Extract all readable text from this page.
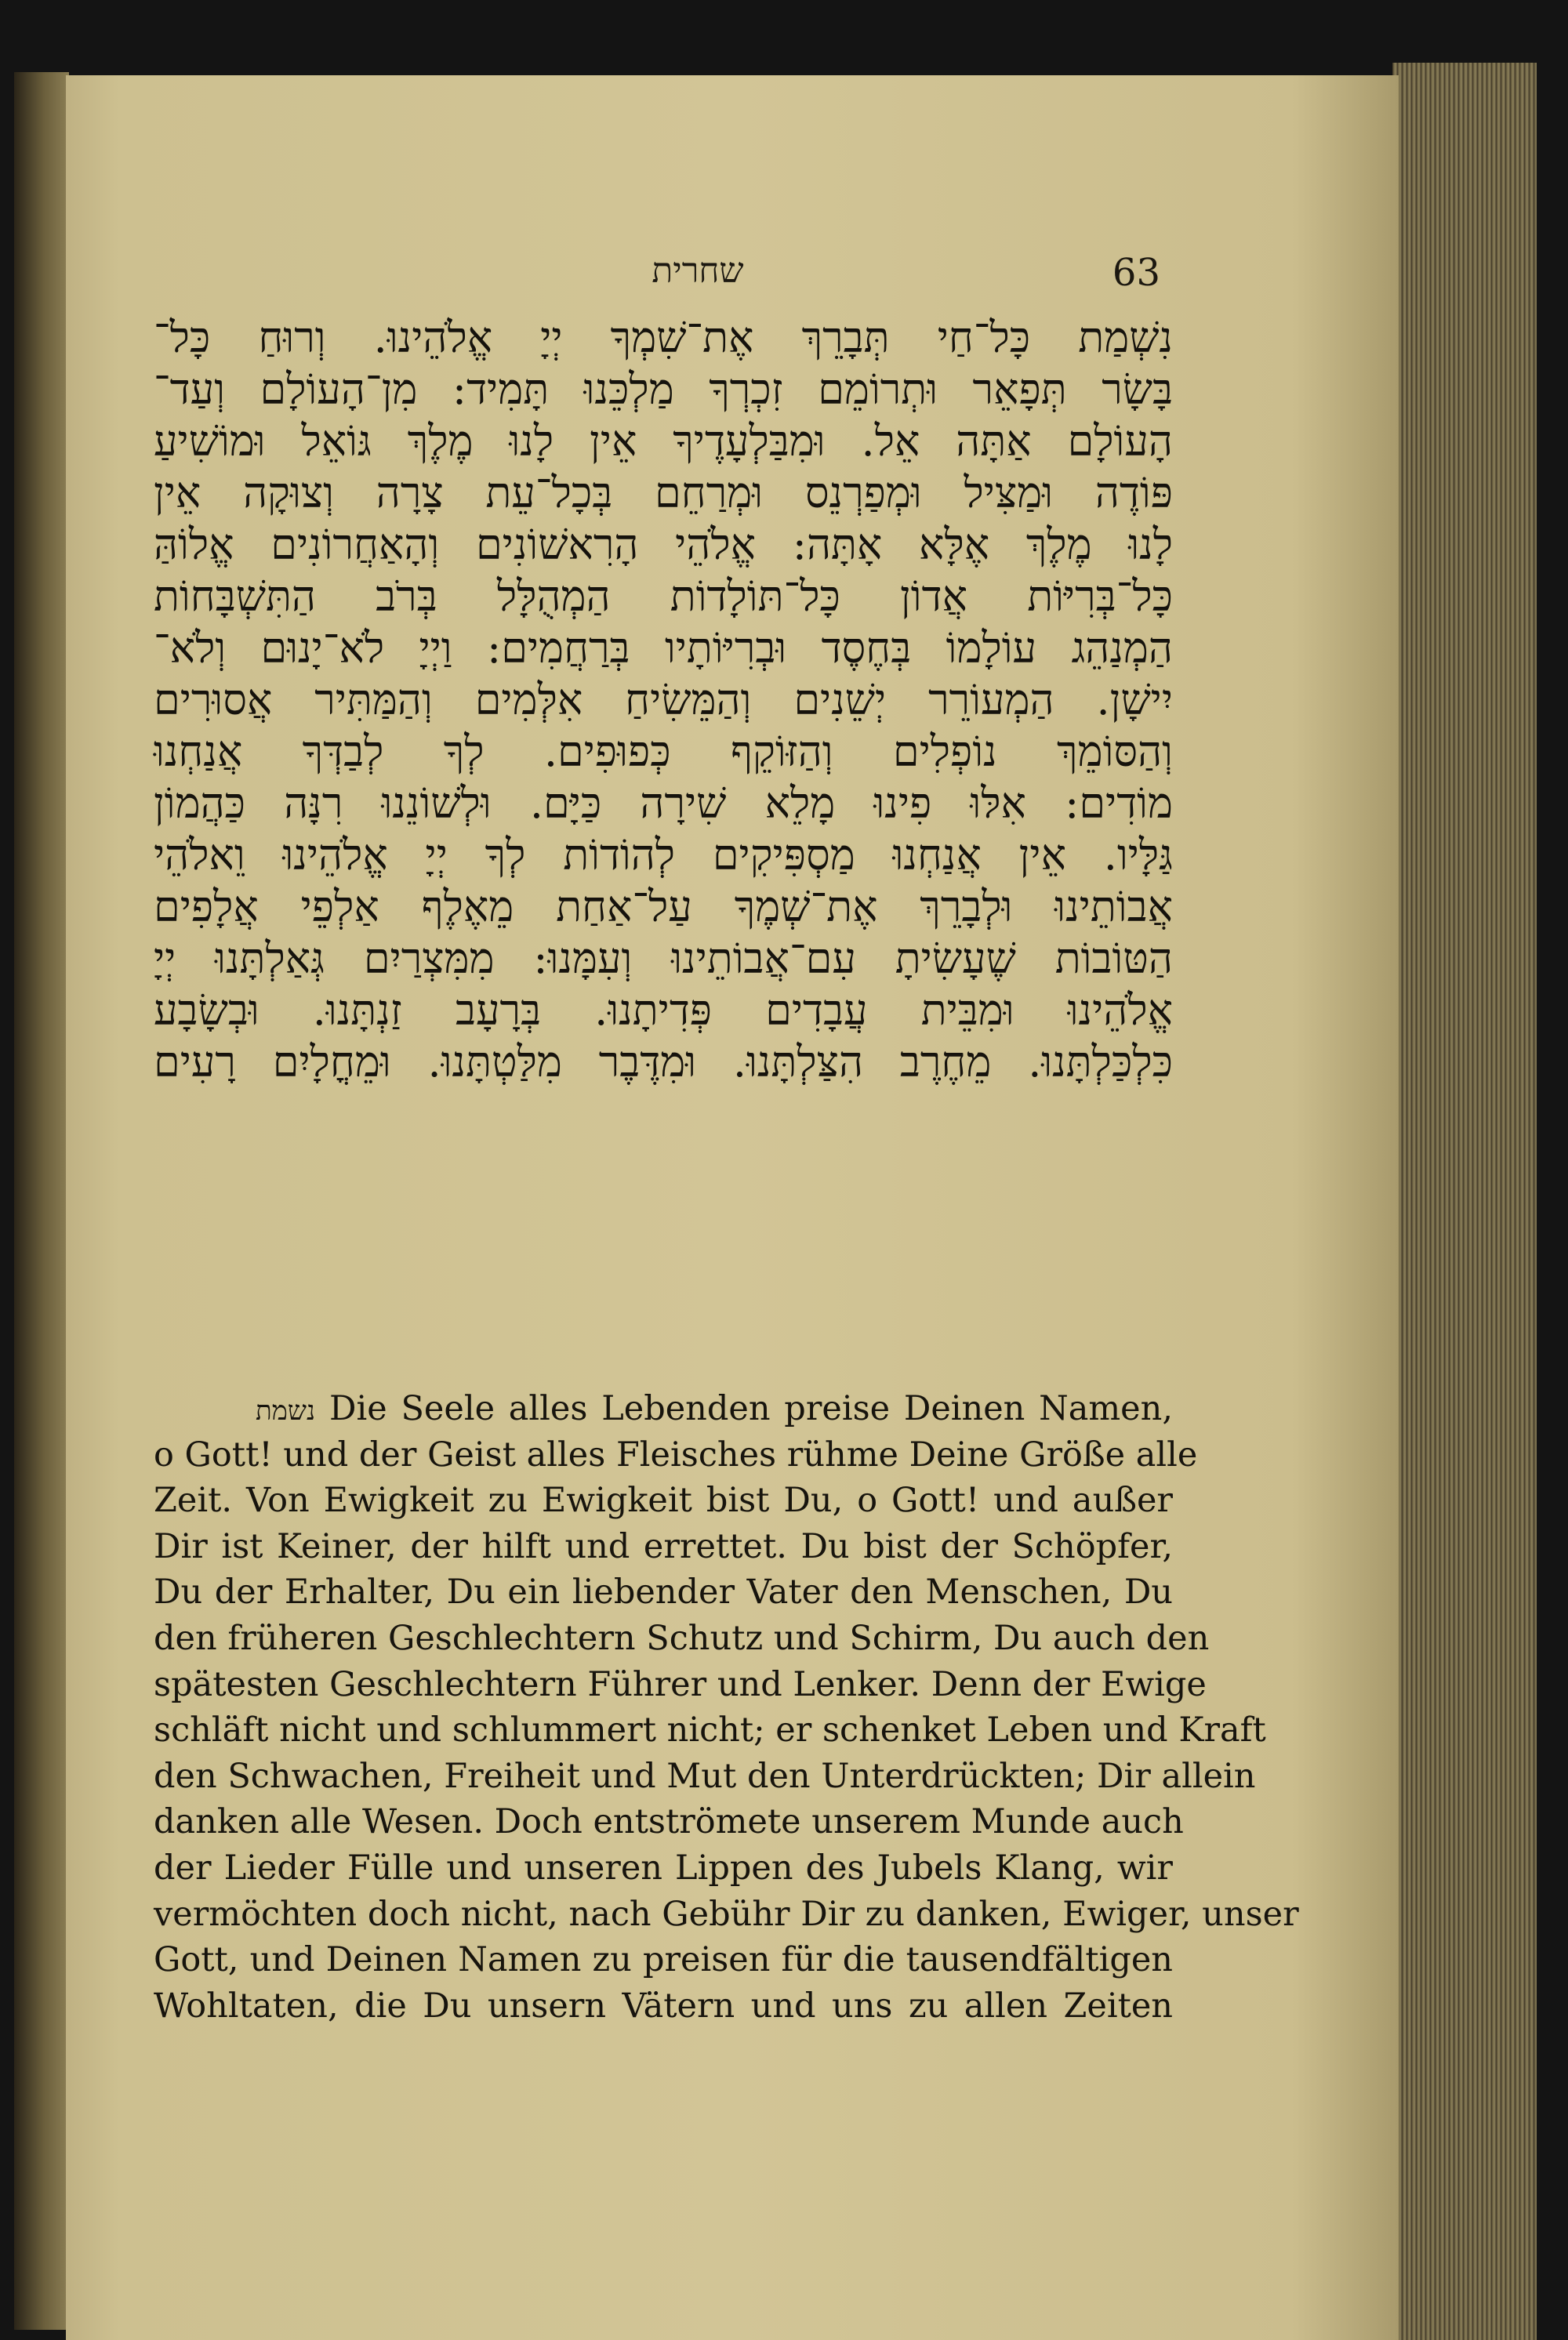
שחרית	63
נִשְׁמַת כָּל־חַי תְּבָרֵךְ אֶת־שִׁמְךָ יְיָ אֱלֹהֵינוּ. וְרוּחַ כָּל־
בָּשָׂר תְּפָאֵר וּתְרוֹמֵם זִכְרְךָ מַלְכֵּנוּ תָּמִיד: מִן־הָעוֹלָם וְעַד־
הָעוֹלָם אַתָּה אֵל. וּמִבַּלְעָדֶיךָ אֵין לָנוּ מֶלֶךְ גּוֹאֵל וּמוֹשִׁיעַ
פּוֹדֶה וּמַצִּיל וּמְפַרְנֵס וּמְרַחֵם בְּכָל־עֵת צָרָה וְצוּקָה אֵין
לָנוּ מֶלֶךְ אֶלָּא אָתָּה: אֱלֹהֵי הָרִאשׁוֹנִים וְהָאַחֲרוֹנִים אֱלוֹהַּ
כָּל־בְּרִיּוֹת אֲדוֹן כָּל־תּוֹלָדוֹת הַמְהֻלָּל בְּרֹב הַתִּשְׁבָּחוֹת
הַמְנַהֵג עוֹלָמוֹ בְּחֶסֶד וּבְרִיּוֹתָיו בְּרַחֲמִים: וַיְיָ לֹא־יָנוּם וְלֹא־
יִישָׁן. הַמְעוֹרֵר יְשֵׁנִים וְהַמֵּשִׂיחַ אִלְּמִים וְהַמַּתִּיר אֲסוּרִים
וְהַסּוֹמֵךְ נוֹפְלִים וְהַזּוֹקֵף כְּפוּפִים. לְךָ לְבַדְּךָ אֲנַחְנוּ
מוֹדִים: אִלּוּ פִינוּ מָלֵא שִׁירָה כַּיָּם. וּלְשׁוֹנֵנוּ רִנָּה כַּהֲמוֹן
גַּלָּיו. אֵין אֲנַחְנוּ מַסְפִּיקִים לְהוֹדוֹת לְךָ יְיָ אֱלֹהֵינוּ וֵאלֹהֵי
אֲבוֹתֵינוּ וּלְבָרֵךְ אֶת־שְׁמֶךָ עַל־אַחַת מֵאֶלֶף אַלְפֵי אֲלָפִים
הַטּוֹבוֹת שֶׁעָשִׂיתָ עִם־אֲבוֹתֵינוּ וְעִמָּנוּ: מִמִּצְרַיִם גְּאַלְתָּנוּ יְיָ
אֱלֹהֵינוּ וּמִבֵּית עֲבָדִים פְּדִיתָנוּ. בְּרָעָב זַנְתָּנוּ. וּבְשָׂבָע
כִּלְכַּלְתָּנוּ. מֵחֶרֶב הִצַּלְתָּנוּ. וּמִדֶּבֶר מִלַּטְתָּנוּ. וּמֵחֳלָיִם רָעִים
נשמת Die Seele alles Lebenden preise Deinen Namen,
o Gott! und der Geist alles Fleisches rühme Deine Größe alle
Zeit. Von Ewigkeit zu Ewigkeit bist Du, o Gott! und außer
Dir ist Keiner, der hilft und errettet. Du bist der Schöpfer,
Du der Erhalter, Du ein liebender Vater den Menschen, Du
den früheren Geschlechtern Schutz und Schirm, Du auch den
spätesten Geschlechtern Führer und Lenker. Denn der Ewige
schläft nicht und schlummert nicht; er schenket Leben und Kraft
den Schwachen, Freiheit und Mut den Unterdrückten; Dir allein
danken alle Wesen. Doch entströmete unserem Munde auch
der Lieder Fülle und unseren Lippen des Jubels Klang, wir
vermöchten doch nicht, nach Gebühr Dir zu danken, Ewiger, unser
Gott, und Deinen Namen zu preisen für die tausendfältigen
Wohltaten, die Du unsern Vätern und uns zu allen Zeiten
